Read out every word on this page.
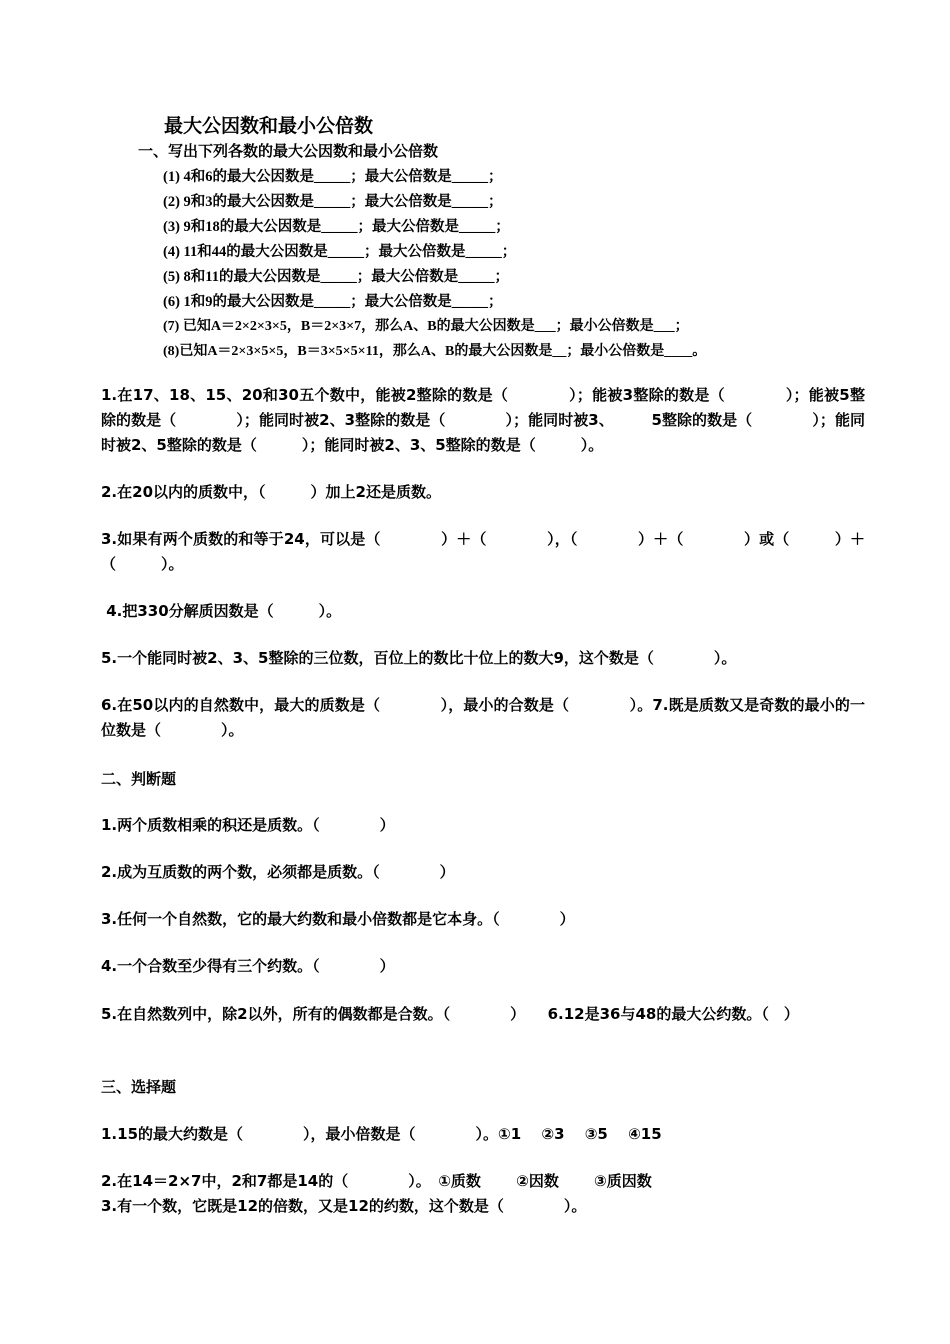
最大公因数和最小公倍数
一、写出下列各数的最大公因数和最小公倍数
(1) 4和6的最大公因数是_____；最大公倍数是_____；
(2) 9和3的最大公因数是_____；最大公倍数是_____；
(3) 9和18的最大公因数是_____；最大公倍数是_____；
(4) 11和44的最大公因数是_____；最大公倍数是_____；
(5) 8和11的最大公因数是_____；最大公倍数是_____；
(6) 1和9的最大公因数是_____；最大公倍数是_____；
(7) 已知A＝2×2×3×5，B＝2×3×7，那么A、B的最大公因数是___；最小公倍数是___；
(8)已知A＝2×3×5×5，B＝3×5×5×11，那么A、B的最大公因数是__；最小公倍数是____。
1.在17、18、15、20和30五个数中，能被2整除的数是（　　　　）；能被3整除的数是（　　　　）；能被5整除的数是（　　　　）；能同时被2、3整除的数是（　　　　）；能同时被3、　　　5整除的数是（　　　　）；能同时被2、5整除的数是（　　　）；能同时被2、3、5整除的数是（　　　）。
2.在20以内的质数中，（　　　）加上2还是质数。
3.如果有两个质数的和等于24，可以是（　　　　）＋（　　　　），（　　　　）＋（　　　　）或（　　　）＋（　　　）。
4.把330分解质因数是（　　　）。
5.一个能同时被2、3、5整除的三位数，百位上的数比十位上的数大9，这个数是（　　　　）。
6.在50以内的自然数中，最大的质数是（　　　　），最小的合数是（　　　　）。7.既是质数又是奇数的最小的一位数是（　　　　）。
二、判断题
1.两个质数相乘的积还是质数。（　　　　）
2.成为互质数的两个数，必须都是质数。（　　　　）
3.任何一个自然数，它的最大约数和最小倍数都是它本身。（　　　　）
4.一个合数至少得有三个约数。（　　　　）
5.在自然数列中，除2以外，所有的偶数都是合数。（　　　　）　　6.12是36与48的最大公约数。（　）
三、选择题
1.15的最大约数是（　　　　），最小倍数是（　　　　）。①1　 ②3　 ③5　 ④15
2.在14＝2×7中，2和7都是14的（　　　　）。　①质数　　 ②因数　　 ③质因数
3.有一个数，它既是12的倍数，又是12的约数，这个数是（　　　　）。
